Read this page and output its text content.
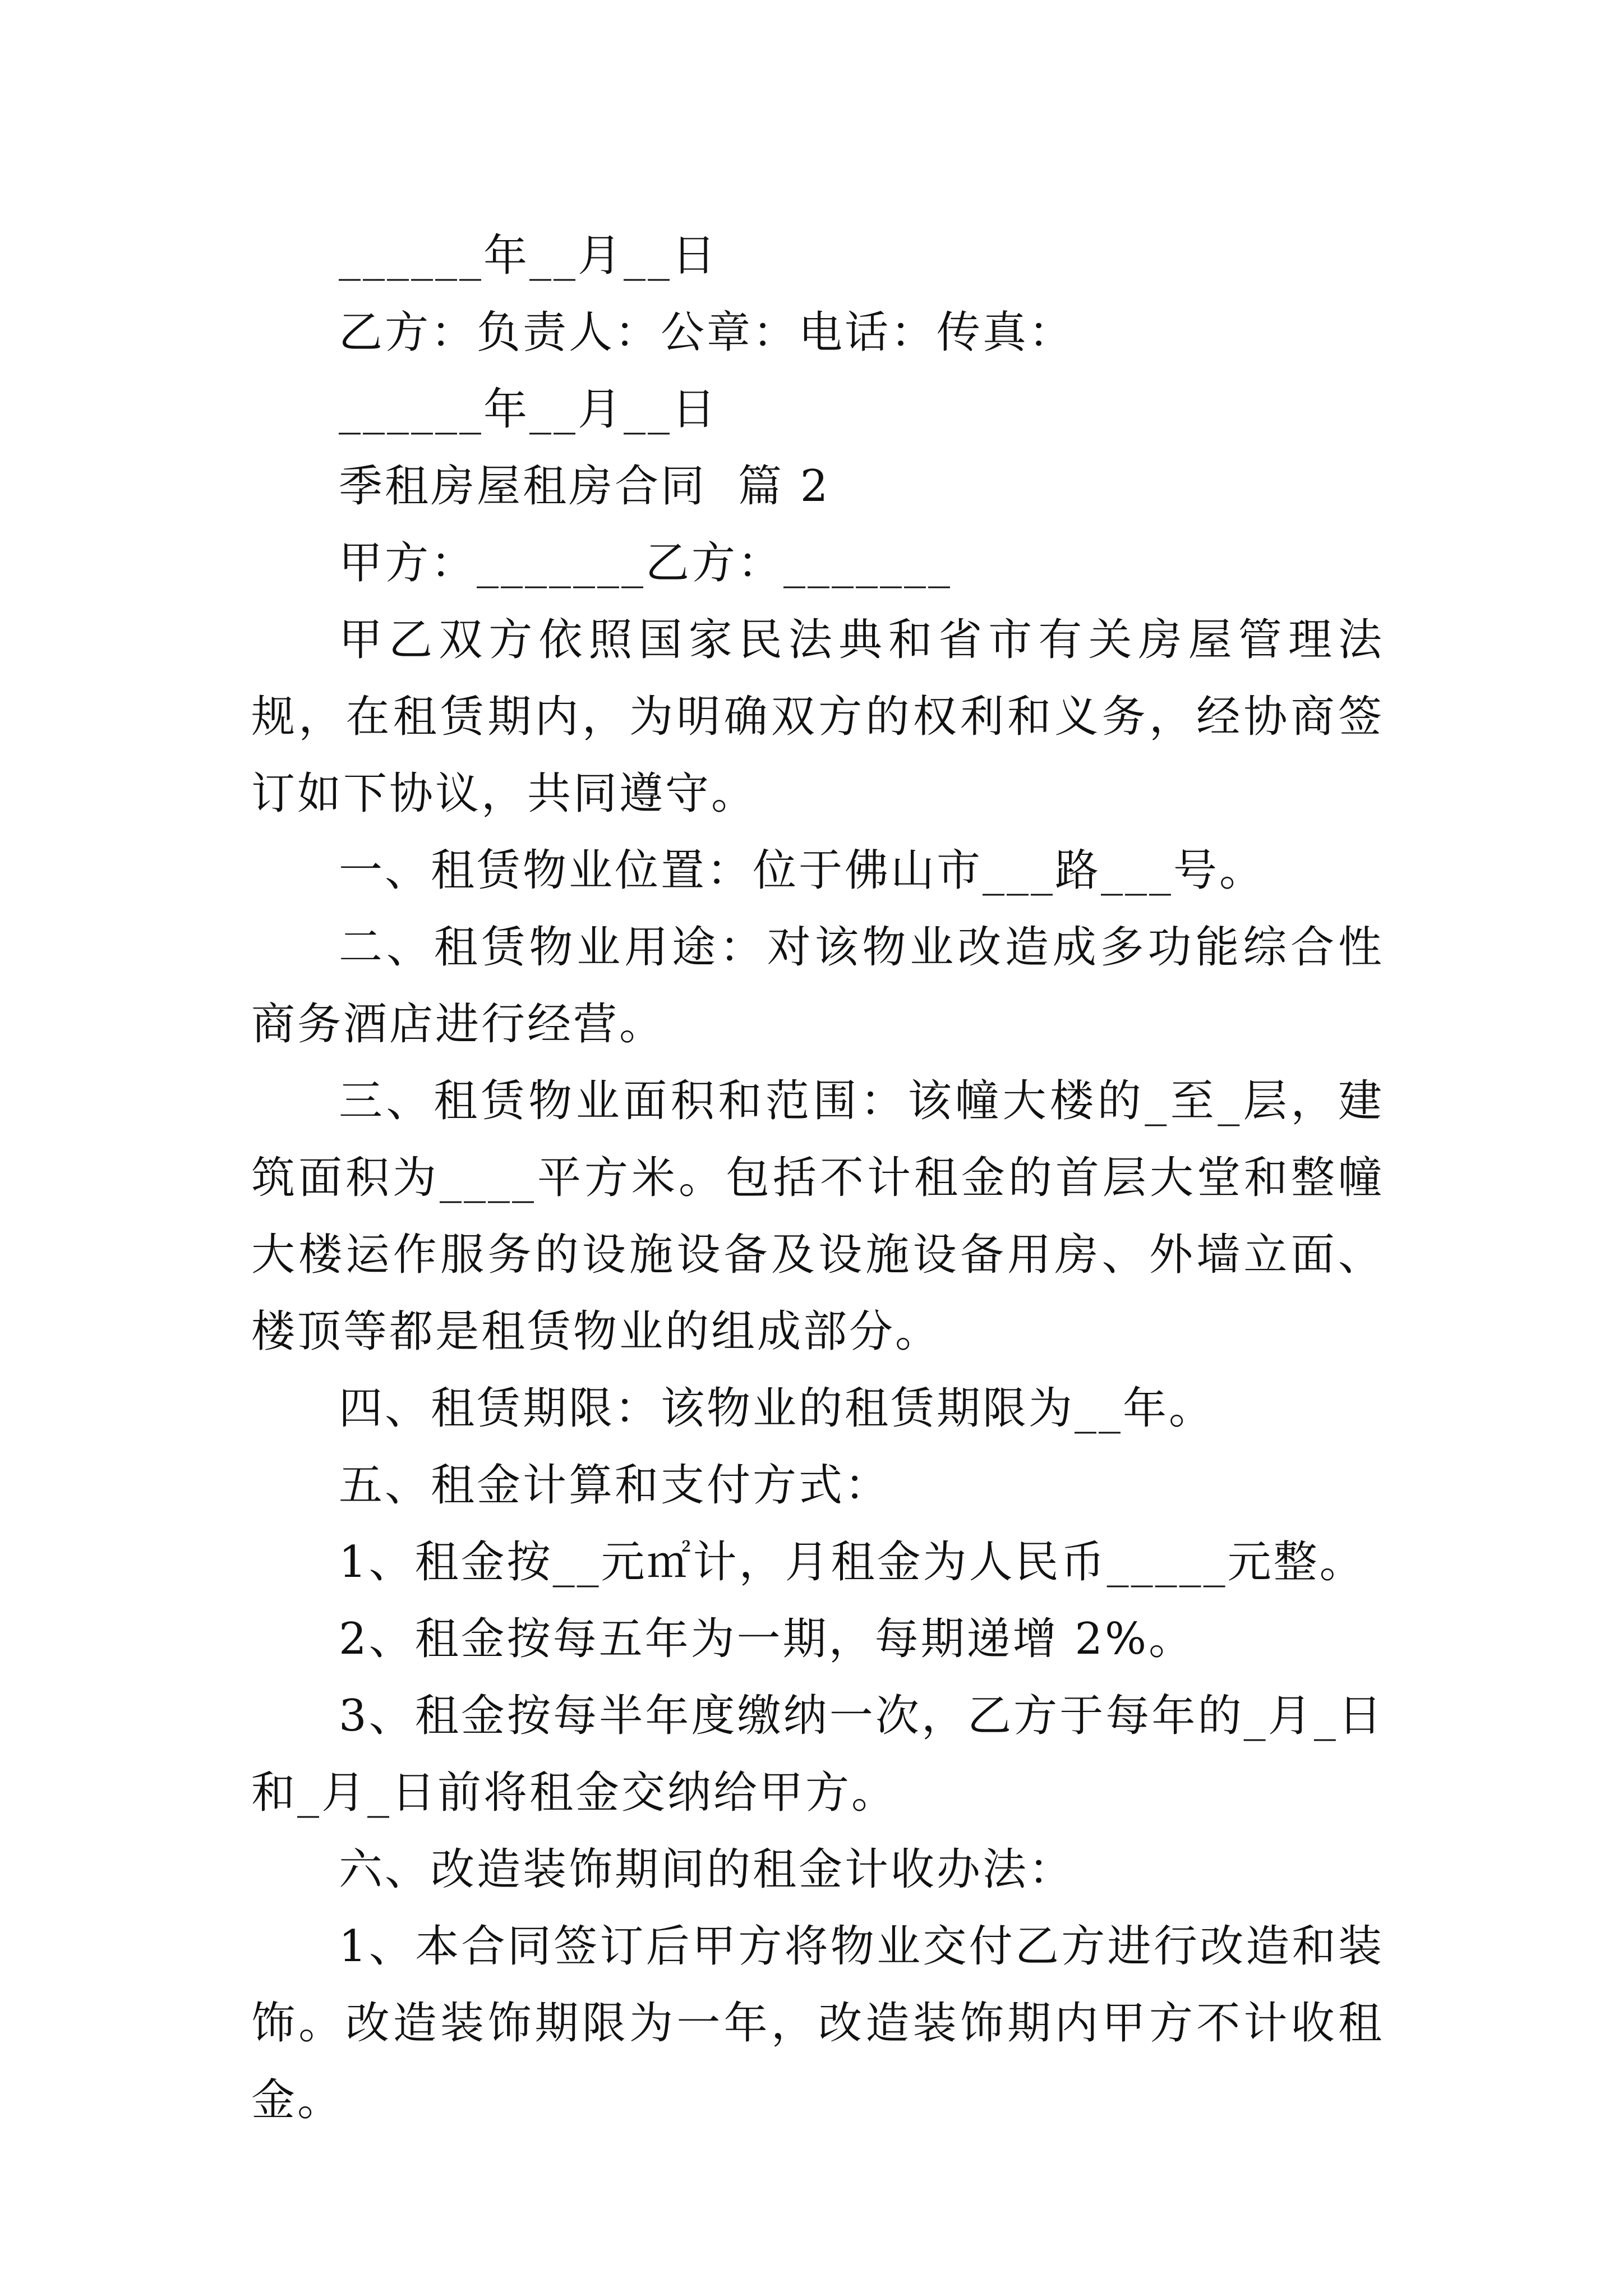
______年__月__日

乙方：负责人：公章：电话：传真：

______年__月__日

季租房屋租房合同 篇 2

甲方：_______乙方：_______

甲乙双方依照国家民法典和省市有关房屋管理法规，在租赁期内，为明确双方的权利和义务，经协商签订如下协议，共同遵守。

一、租赁物业位置：位于佛山市___路___号。

二、租赁物业用途：对该物业改造成多功能综合性商务酒店进行经营。

三、租赁物业面积和范围：该幢大楼的_至_层，建筑面积为____平方米。包括不计租金的首层大堂和整幢大楼运作服务的设施设备及设施设备用房、外墙立面、楼顶等都是租赁物业的组成部分。

四、租赁期限：该物业的租赁期限为__年。

五、租金计算和支付方式：

1、租金按__元㎡计，月租金为人民币_____元整。

2、租金按每五年为一期，每期递增 2%。

3、租金按每半年度缴纳一次，乙方于每年的_月_日和_月_日前将租金交纳给甲方。

六、改造装饰期间的租金计收办法：

1、本合同签订后甲方将物业交付乙方进行改造和装饰。改造装饰期限为一年，改造装饰期内甲方不计收租金。
